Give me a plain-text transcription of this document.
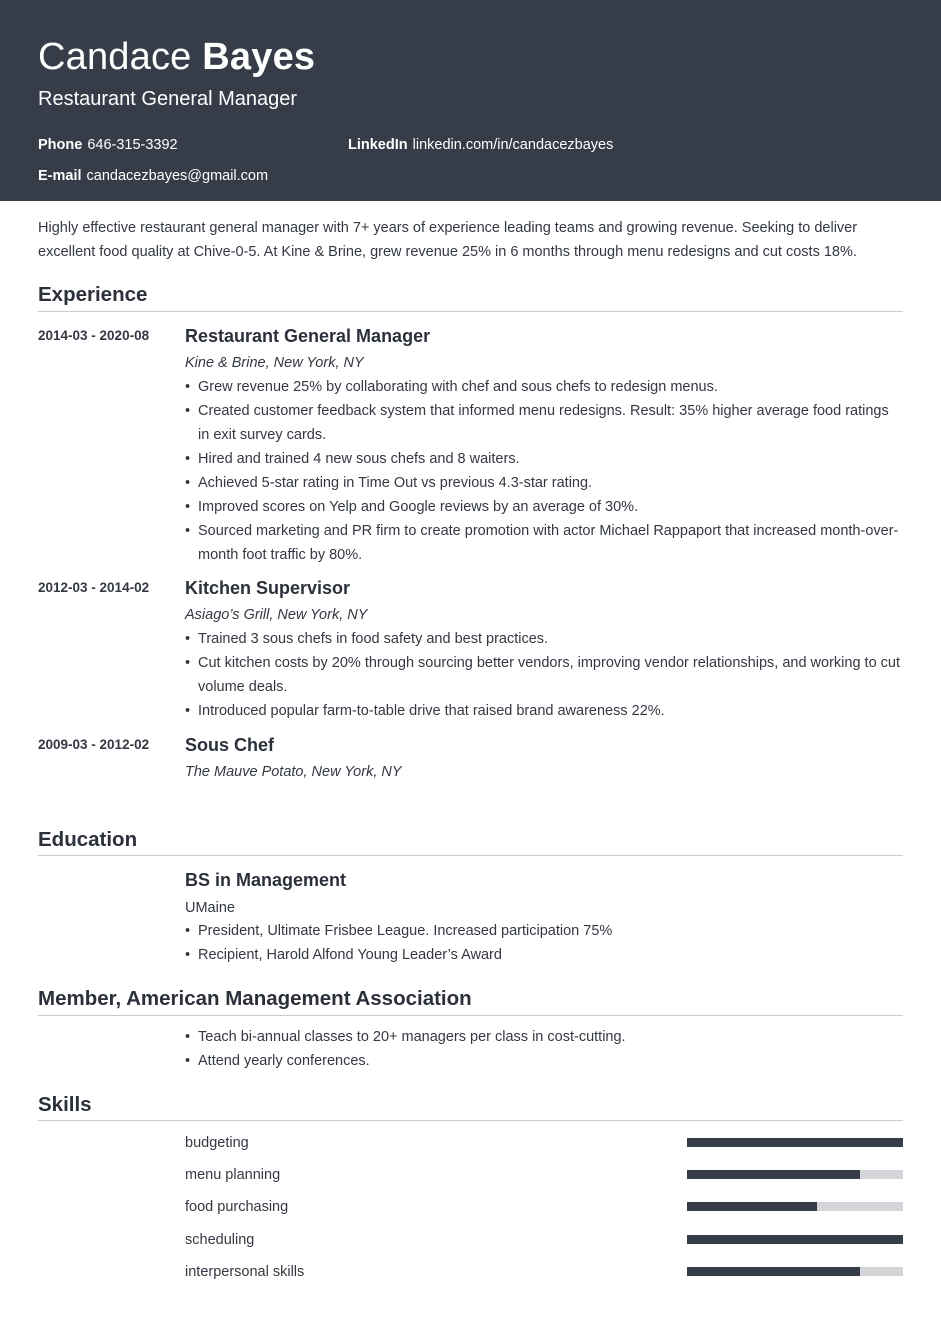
Candace Bayes
Restaurant General Manager
Phone 646-315-3392	LinkedIn linkedin.com/in/candacezbayes
E-mail candacezbayes@gmail.com
Highly effective restaurant general manager with 7+ years of experience leading teams and growing revenue. Seeking to deliver excellent food quality at Chive-0-5. At Kine & Brine, grew revenue 25% in 6 months through menu redesigns and cut costs 18%.
Experience
2014-03 - 2020-08 Restaurant General Manager
Kine & Brine, New York, NY
• Grew revenue 25% by collaborating with chef and sous chefs to redesign menus.
• Created customer feedback system that informed menu redesigns. Result: 35% higher average food ratings in exit survey cards.
• Hired and trained 4 new sous chefs and 8 waiters.
• Achieved 5-star rating in Time Out vs previous 4.3-star rating.
• Improved scores on Yelp and Google reviews by an average of 30%.
• Sourced marketing and PR firm to create promotion with actor Michael Rappaport that increased month-over-month foot traffic by 80%.
2012-03 - 2014-02 Kitchen Supervisor
Asiago’s Grill, New York, NY
• Trained 3 sous chefs in food safety and best practices.
• Cut kitchen costs by 20% through sourcing better vendors, improving vendor relationships, and working to cut volume deals.
• Introduced popular farm-to-table drive that raised brand awareness 22%.
2009-03 - 2012-02 Sous Chef
The Mauve Potato, New York, NY
Education
BS in Management
UMaine
• President, Ultimate Frisbee League. Increased participation 75%
• Recipient, Harold Alfond Young Leader’s Award
Member, American Management Association
• Teach bi-annual classes to 20+ managers per class in cost-cutting.
• Attend yearly conferences.
Skills
budgeting
menu planning
food purchasing
scheduling
interpersonal skills
